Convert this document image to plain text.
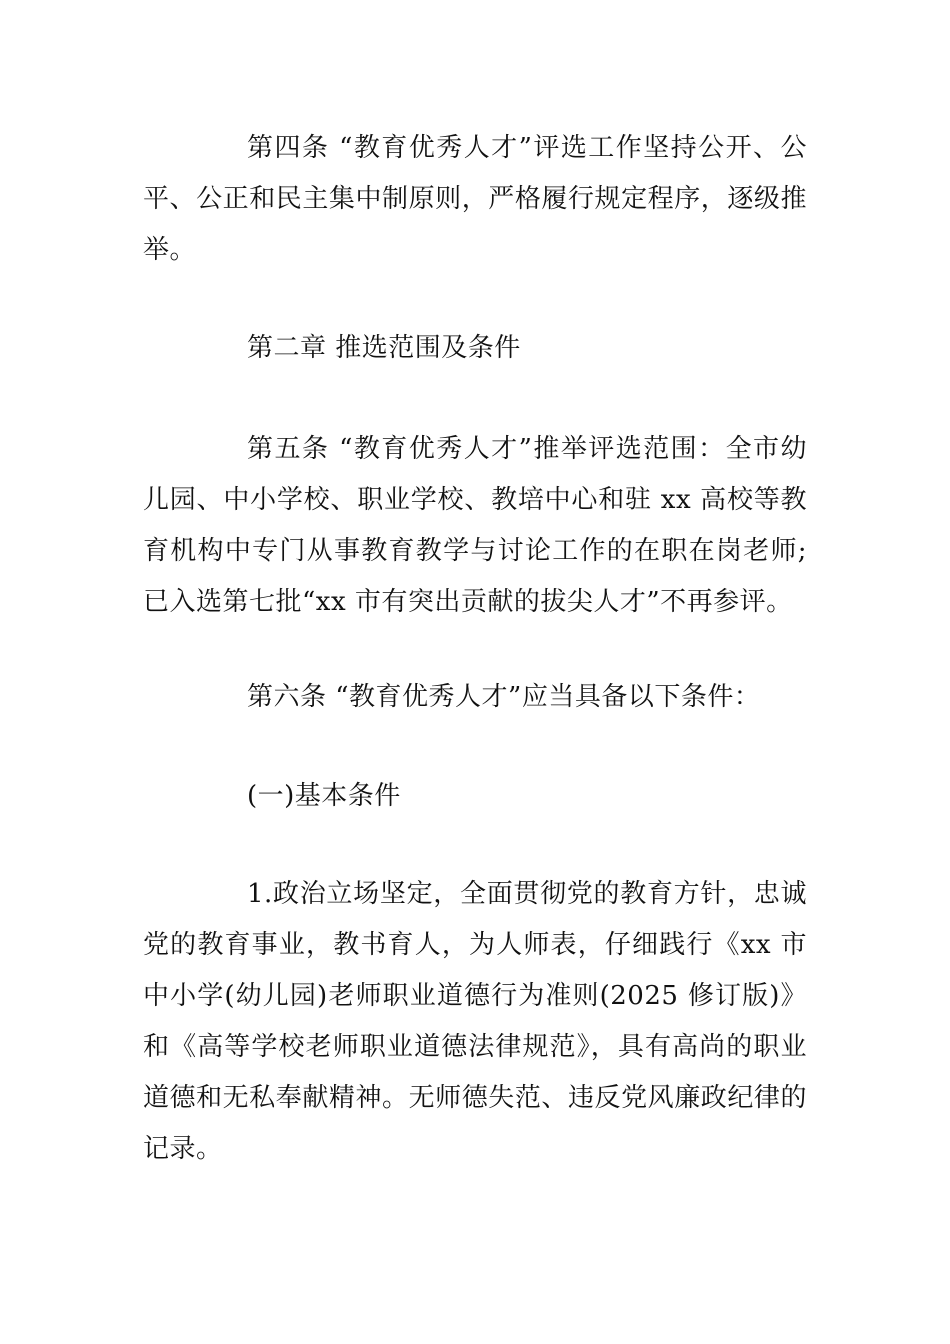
第四条 “教育优秀人才”评选工作坚持公开、公平、公正和民主集中制原则，严格履行规定程序，逐级推举。

第二章 推选范围及条件

第五条 “教育优秀人才”推举评选范围：全市幼儿园、中小学校、职业学校、教培中心和驻 xx 高校等教育机构中专门从事教育教学与讨论工作的在职在岗老师;已入选第七批“xx 市有突出贡献的拔尖人才”不再参评。

第六条 “教育优秀人才”应当具备以下条件：

(一)基本条件

1.政治立场坚定，全面贯彻党的教育方针，忠诚党的教育事业，教书育人，为人师表，仔细践行《xx 市中小学(幼儿园)老师职业道德行为准则(2025 修订版)》和《高等学校老师职业道德法律规范》，具有高尚的职业道德和无私奉献精神。无师德失范、违反党风廉政纪律的记录。
